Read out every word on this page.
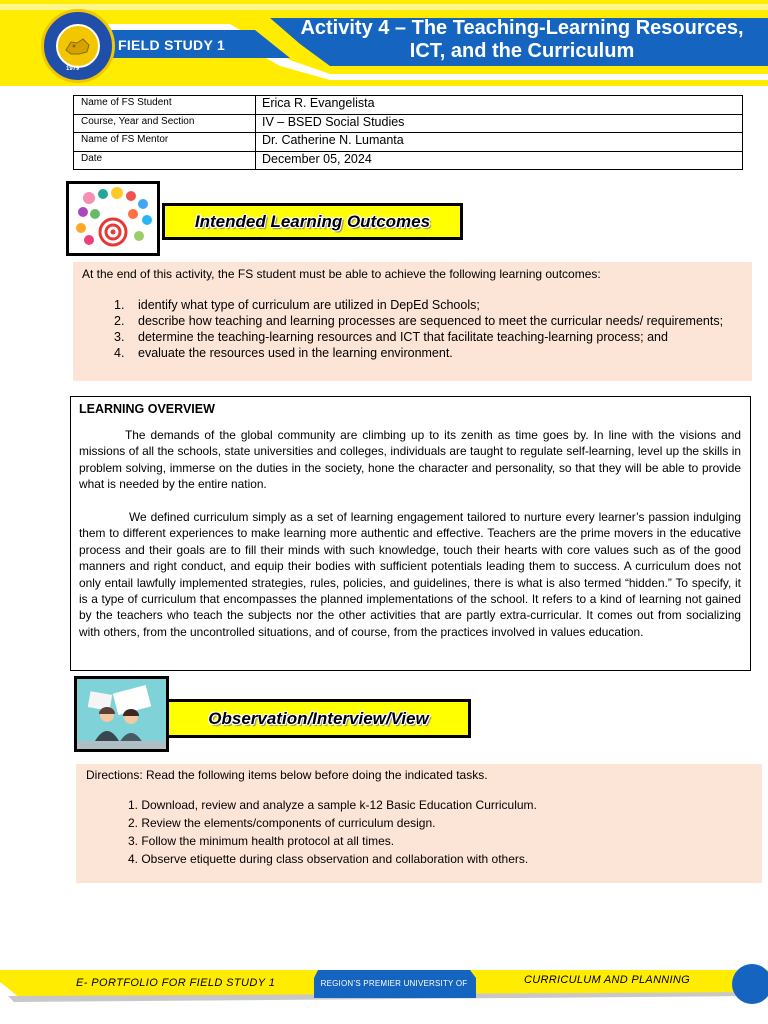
1979
FIELD STUDY 1
Activity 4 – The Teaching-Learning Resources,
ICT, and the Curriculum
Name of FS Student	Erica R. Evangelista
Course, Year and Section	IV – BSED Social Studies
Name of FS Mentor	Dr. Catherine N. Lumanta
Date	December 05, 2024
Intended Learning Outcomes
At the end of this activity, the FS student must be able to achieve the following learning outcomes:
1. identify what type of curriculum are utilized in DepEd Schools;
2. describe how teaching and learning processes are sequenced to meet the curricular needs/ requirements;
3. determine the teaching-learning resources and ICT that facilitate teaching-learning process; and
4. evaluate the resources used in the learning environment.
LEARNING OVERVIEW

The demands of the global community are climbing up to its zenith as time goes by. In line with the visions and missions of all the schools, state universities and colleges, individuals are taught to regulate self-learning, level up the skills in problem solving, immerse on the duties in the society, hone the character and personality, so that they will be able to provide what is needed by the entire nation.

We defined curriculum simply as a set of learning engagement tailored to nurture every learner’s passion indulging them to different experiences to make learning more authentic and effective. Teachers are the prime movers in the educative process and their goals are to fill their minds with such knowledge, touch their hearts with core values such as of the good manners and right conduct, and equip their bodies with sufficient potentials leading them to success. A curriculum does not only entail lawfully implemented strategies, rules, policies, and guidelines, there is what is also termed “hidden.” To specify, it is a type of curriculum that encompasses the planned implementations of the school. It refers to a kind of learning not gained by the teachers who teach the subjects nor the other activities that are partly extra-curricular. It comes out from socializing with others, from the uncontrolled situations, and of course, from the practices involved in values education.

Observation/Interview/View
Directions: Read the following items below before doing the indicated tasks.
1. Download, review and analyze a sample k-12 Basic Education Curriculum.
2. Review the elements/components of curriculum design.
3. Follow the minimum health protocol at all times.
4. Observe etiquette during class observation and collaboration with others.
E- PORTFOLIO FOR FIELD STUDY 1	REGION’S PREMIER UNIVERSITY OF	CURRICULUM AND PLANNING
